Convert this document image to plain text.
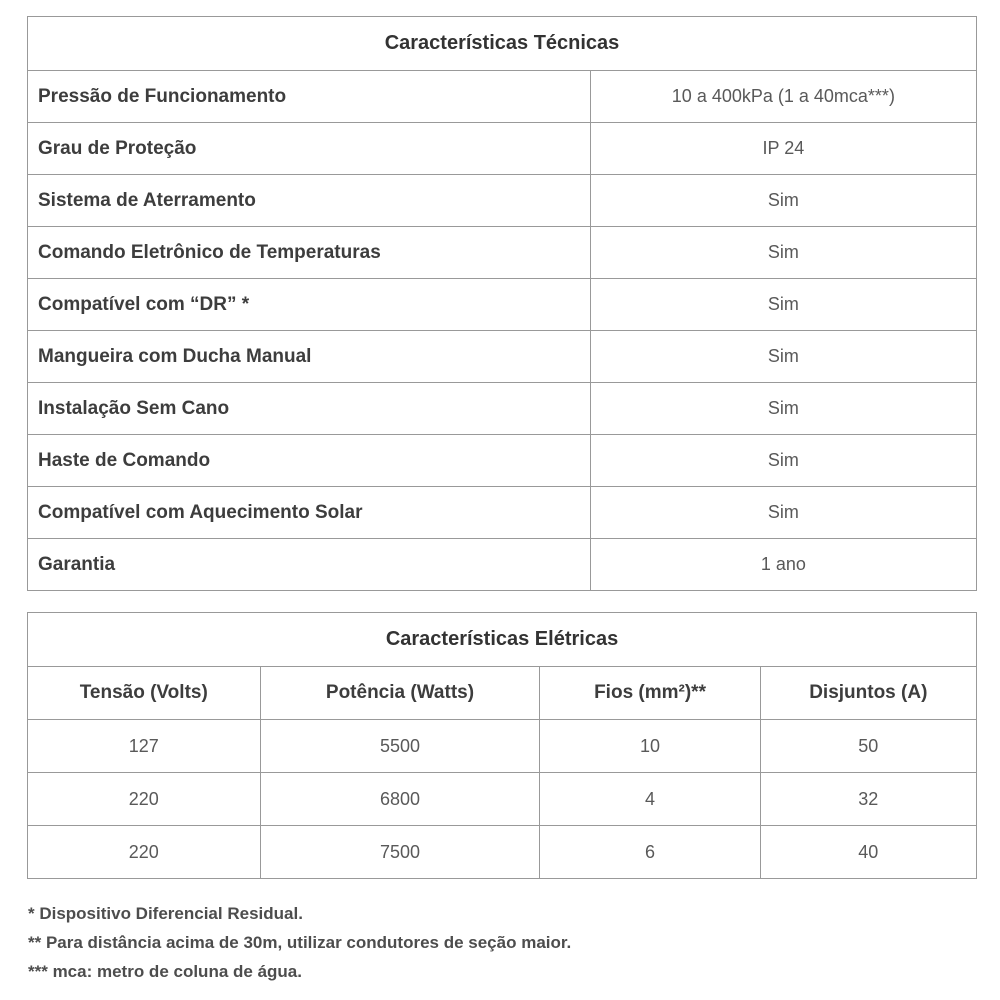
Características Técnicas	
Pressão de Funcionamento	10 a 400kPa (1 a 40mca***)
Grau de Proteção	IP 24
Sistema de Aterramento	Sim
Comando Eletrônico de Temperaturas	Sim
Compatível com “DR” *	Sim
Mangueira com Ducha Manual	Sim
Instalação Sem Cano	Sim
Haste de Comando	Sim
Compatível com Aquecimento Solar	Sim
Garantia	1 ano
Características Elétricas			
Tensão (Volts)	Potência (Watts)	Fios (mm²)**	Disjuntos (A)
127	5500	10	50
220	6800	4	32
220	7500	6	40

* Dispositivo Diferencial Residual.

** Para distância acima de 30m, utilizar condutores de seção maior.

*** mca: metro de coluna de água.
